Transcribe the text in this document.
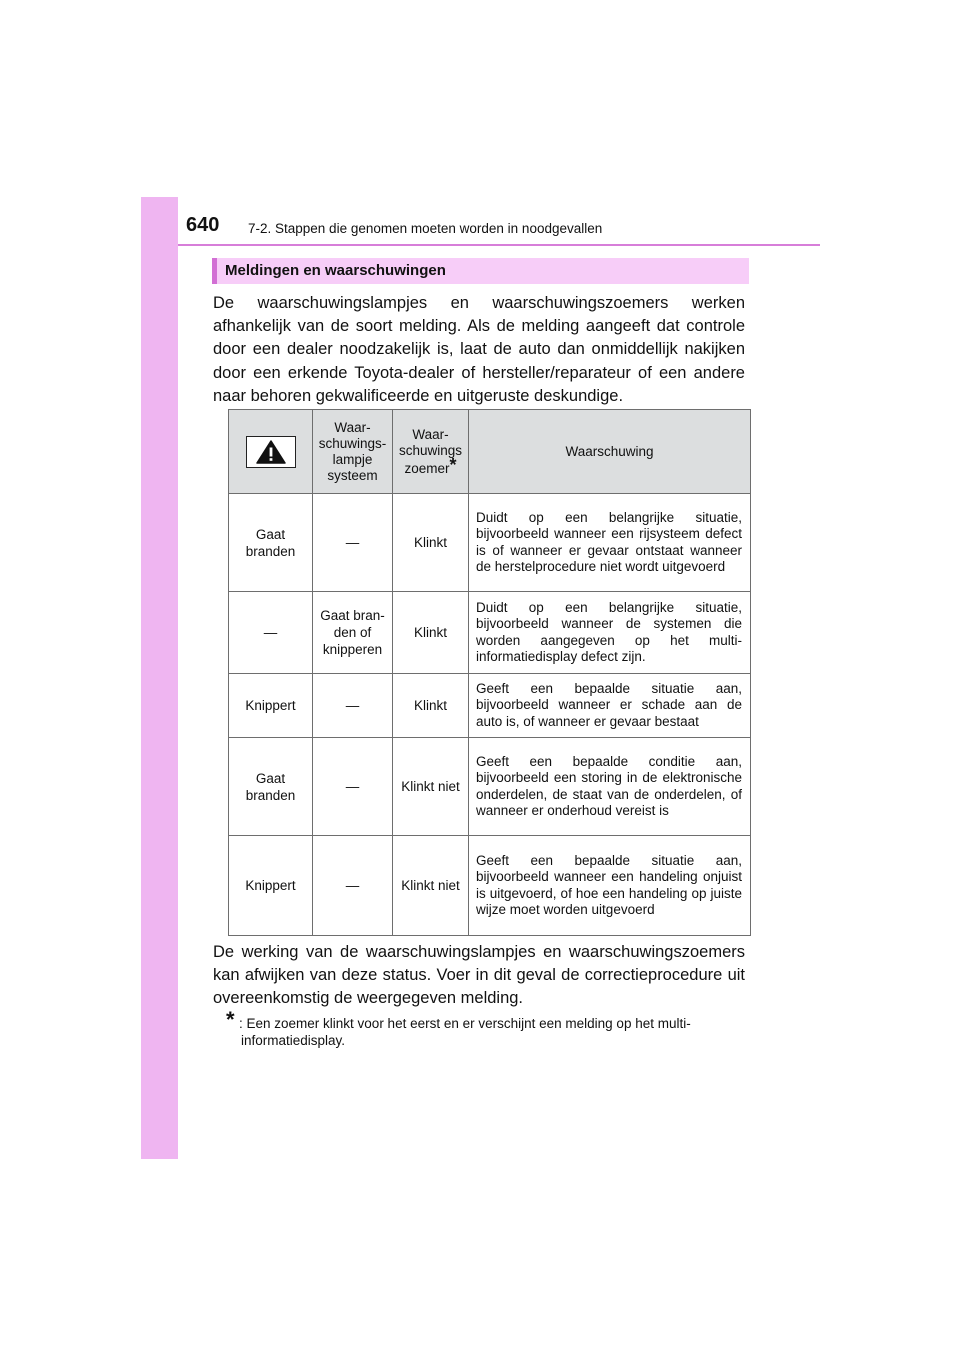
640 7-2. Stappen die genomen moeten worden in noodgevallen
Meldingen en waarschuwingen
De waarschuwingslampjes en waarschuwingszoemers werken afhankelijk van de soort melding. Als de melding aangeeft dat controle door een dealer noodzakelijk is, laat de auto dan onmiddellijk nakijken door een erkende Toyota-dealer of hersteller/reparateur of een andere naar behoren gekwalificeerde en uitgeruste deskundige.
	Waar-
schuwings-
lampje
systeem	Waar-
schuwings
zoemer*	Waarschuwing
Gaat
branden	—	Klinkt	Duidt op een belangrijke situatie, bijvoorbeeld wanneer een rijsysteem defect is of wanneer er gevaar ontstaat wanneer de herstelprocedure niet wordt uitgevoerd
—	Gaat bran-
den of
knipperen	Klinkt	Duidt op een belangrijke situatie, bijvoorbeeld wanneer de systemen die worden aangegeven op het multi-informatiedisplay defect zijn.
Knippert	—	Klinkt	Geeft een bepaalde situatie aan, bijvoorbeeld wanneer er schade aan de auto is, of wanneer er gevaar bestaat
Gaat
branden	—	Klinkt niet	Geeft een bepaalde conditie aan, bijvoorbeeld een storing in de elektronische onderdelen, de staat van de onderdelen, of wanneer er onderhoud vereist is
Knippert	—	Klinkt niet	Geeft een bepaalde situatie aan, bijvoorbeeld wanneer een handeling onjuist is uitgevoerd, of hoe een handeling op juiste wijze moet worden uitgevoerd
De werking van de waarschuwingslampjes en waarschuwingszoemers kan afwijken van deze status. Voer in dit geval de correctieprocedure uit overeenkomstig de weergegeven melding.
* : Een zoemer klinkt voor het eerst en er verschijnt een melding op het multi-
informatiedisplay.
